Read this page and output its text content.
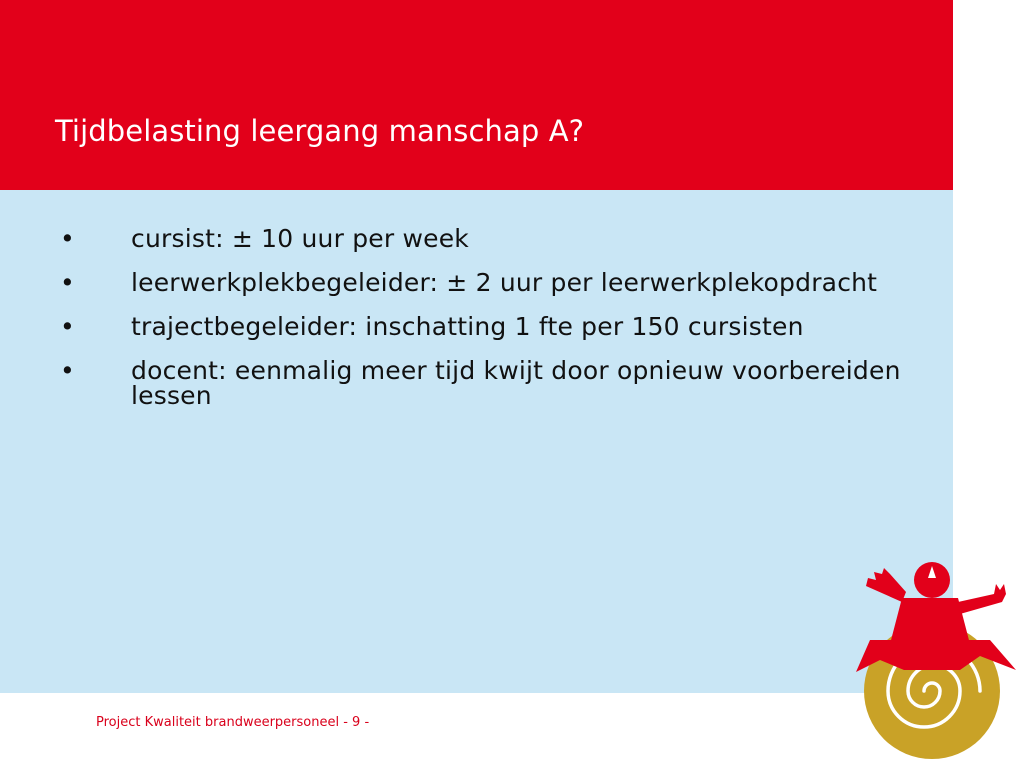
Tijdbelasting leergang manschap A?
• cursist: ± 10 uur per week
• leerwerkplekbegeleider: ± 2 uur per leerwerkplekopdracht
• trajectbegeleider: inschatting 1 fte per 150 cursisten
• docent: eenmalig meer tijd kwijt door opnieuw voorbereiden lessen
Project Kwaliteit brandweerpersoneel - 9 -
